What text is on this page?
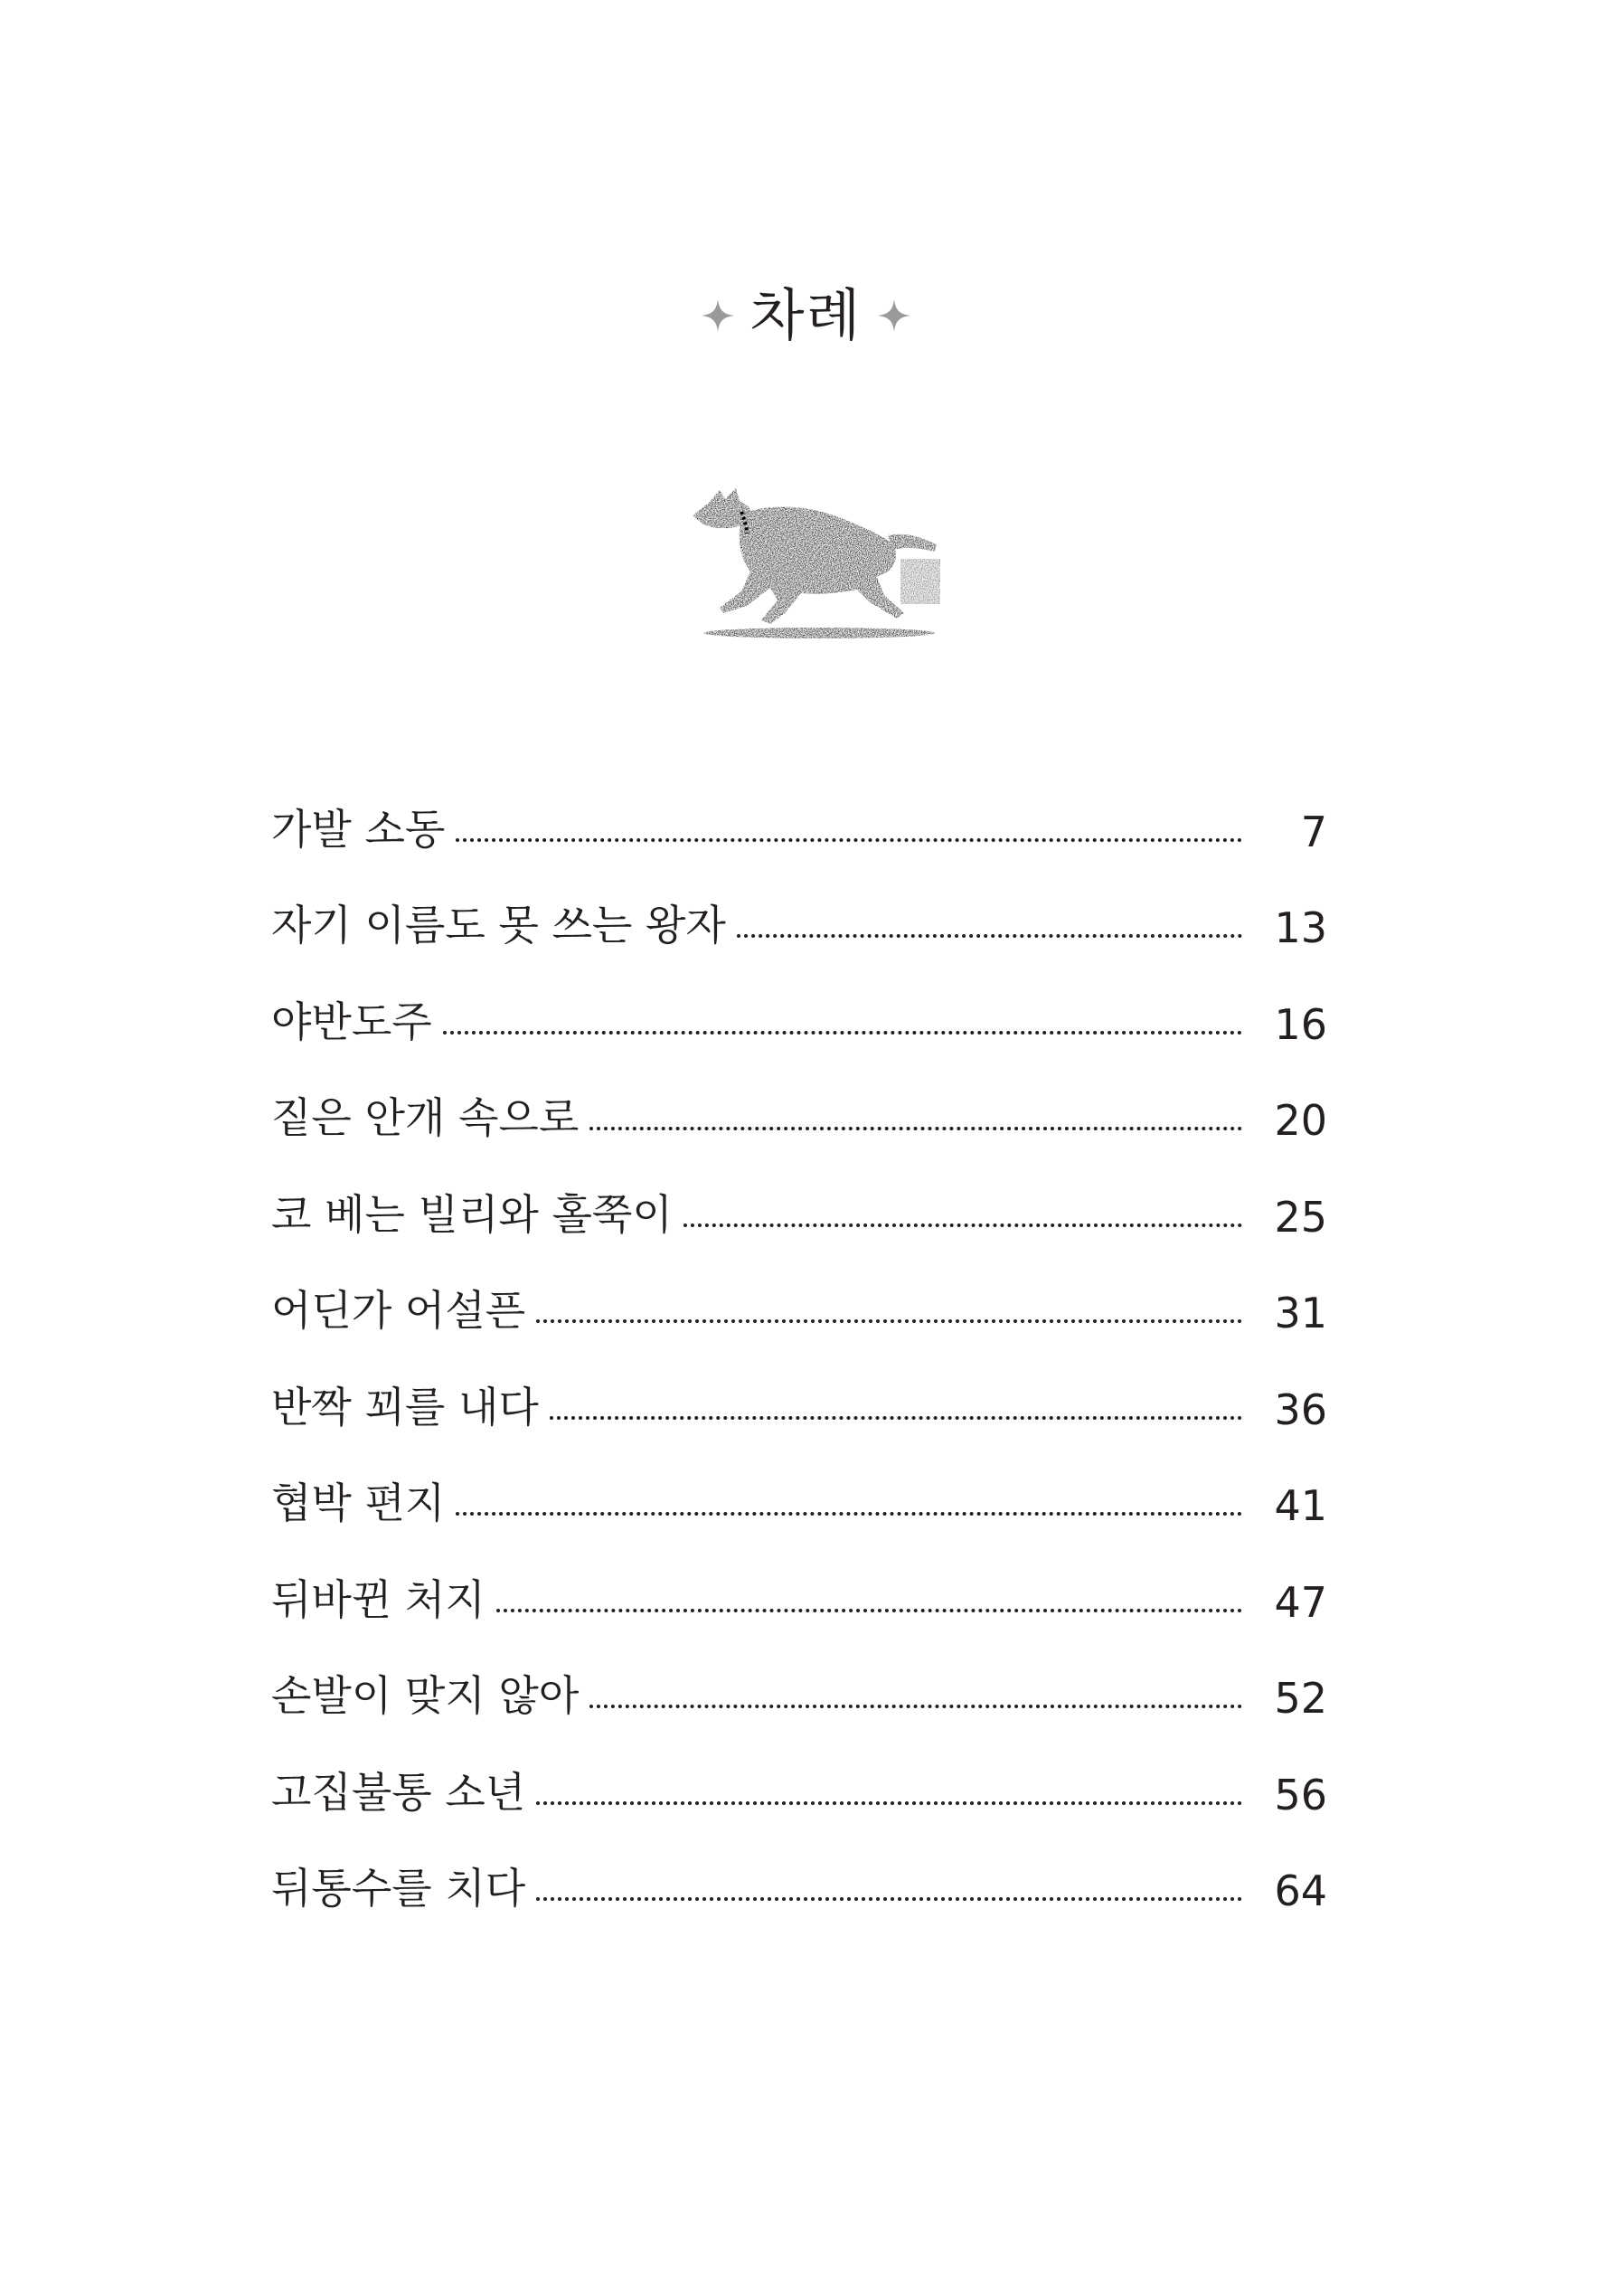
차례
가발 소동	7
자기 이름도 못 쓰는 왕자	13
야반도주	16
짙은 안개 속으로	20
코 베는 빌리와 홀쭉이	25
어딘가 어설픈	31
반짝 꾀를 내다	36
협박 편지	41
뒤바뀐 처지	47
손발이 맞지 않아	52
고집불통 소년	56
뒤통수를 치다	64
